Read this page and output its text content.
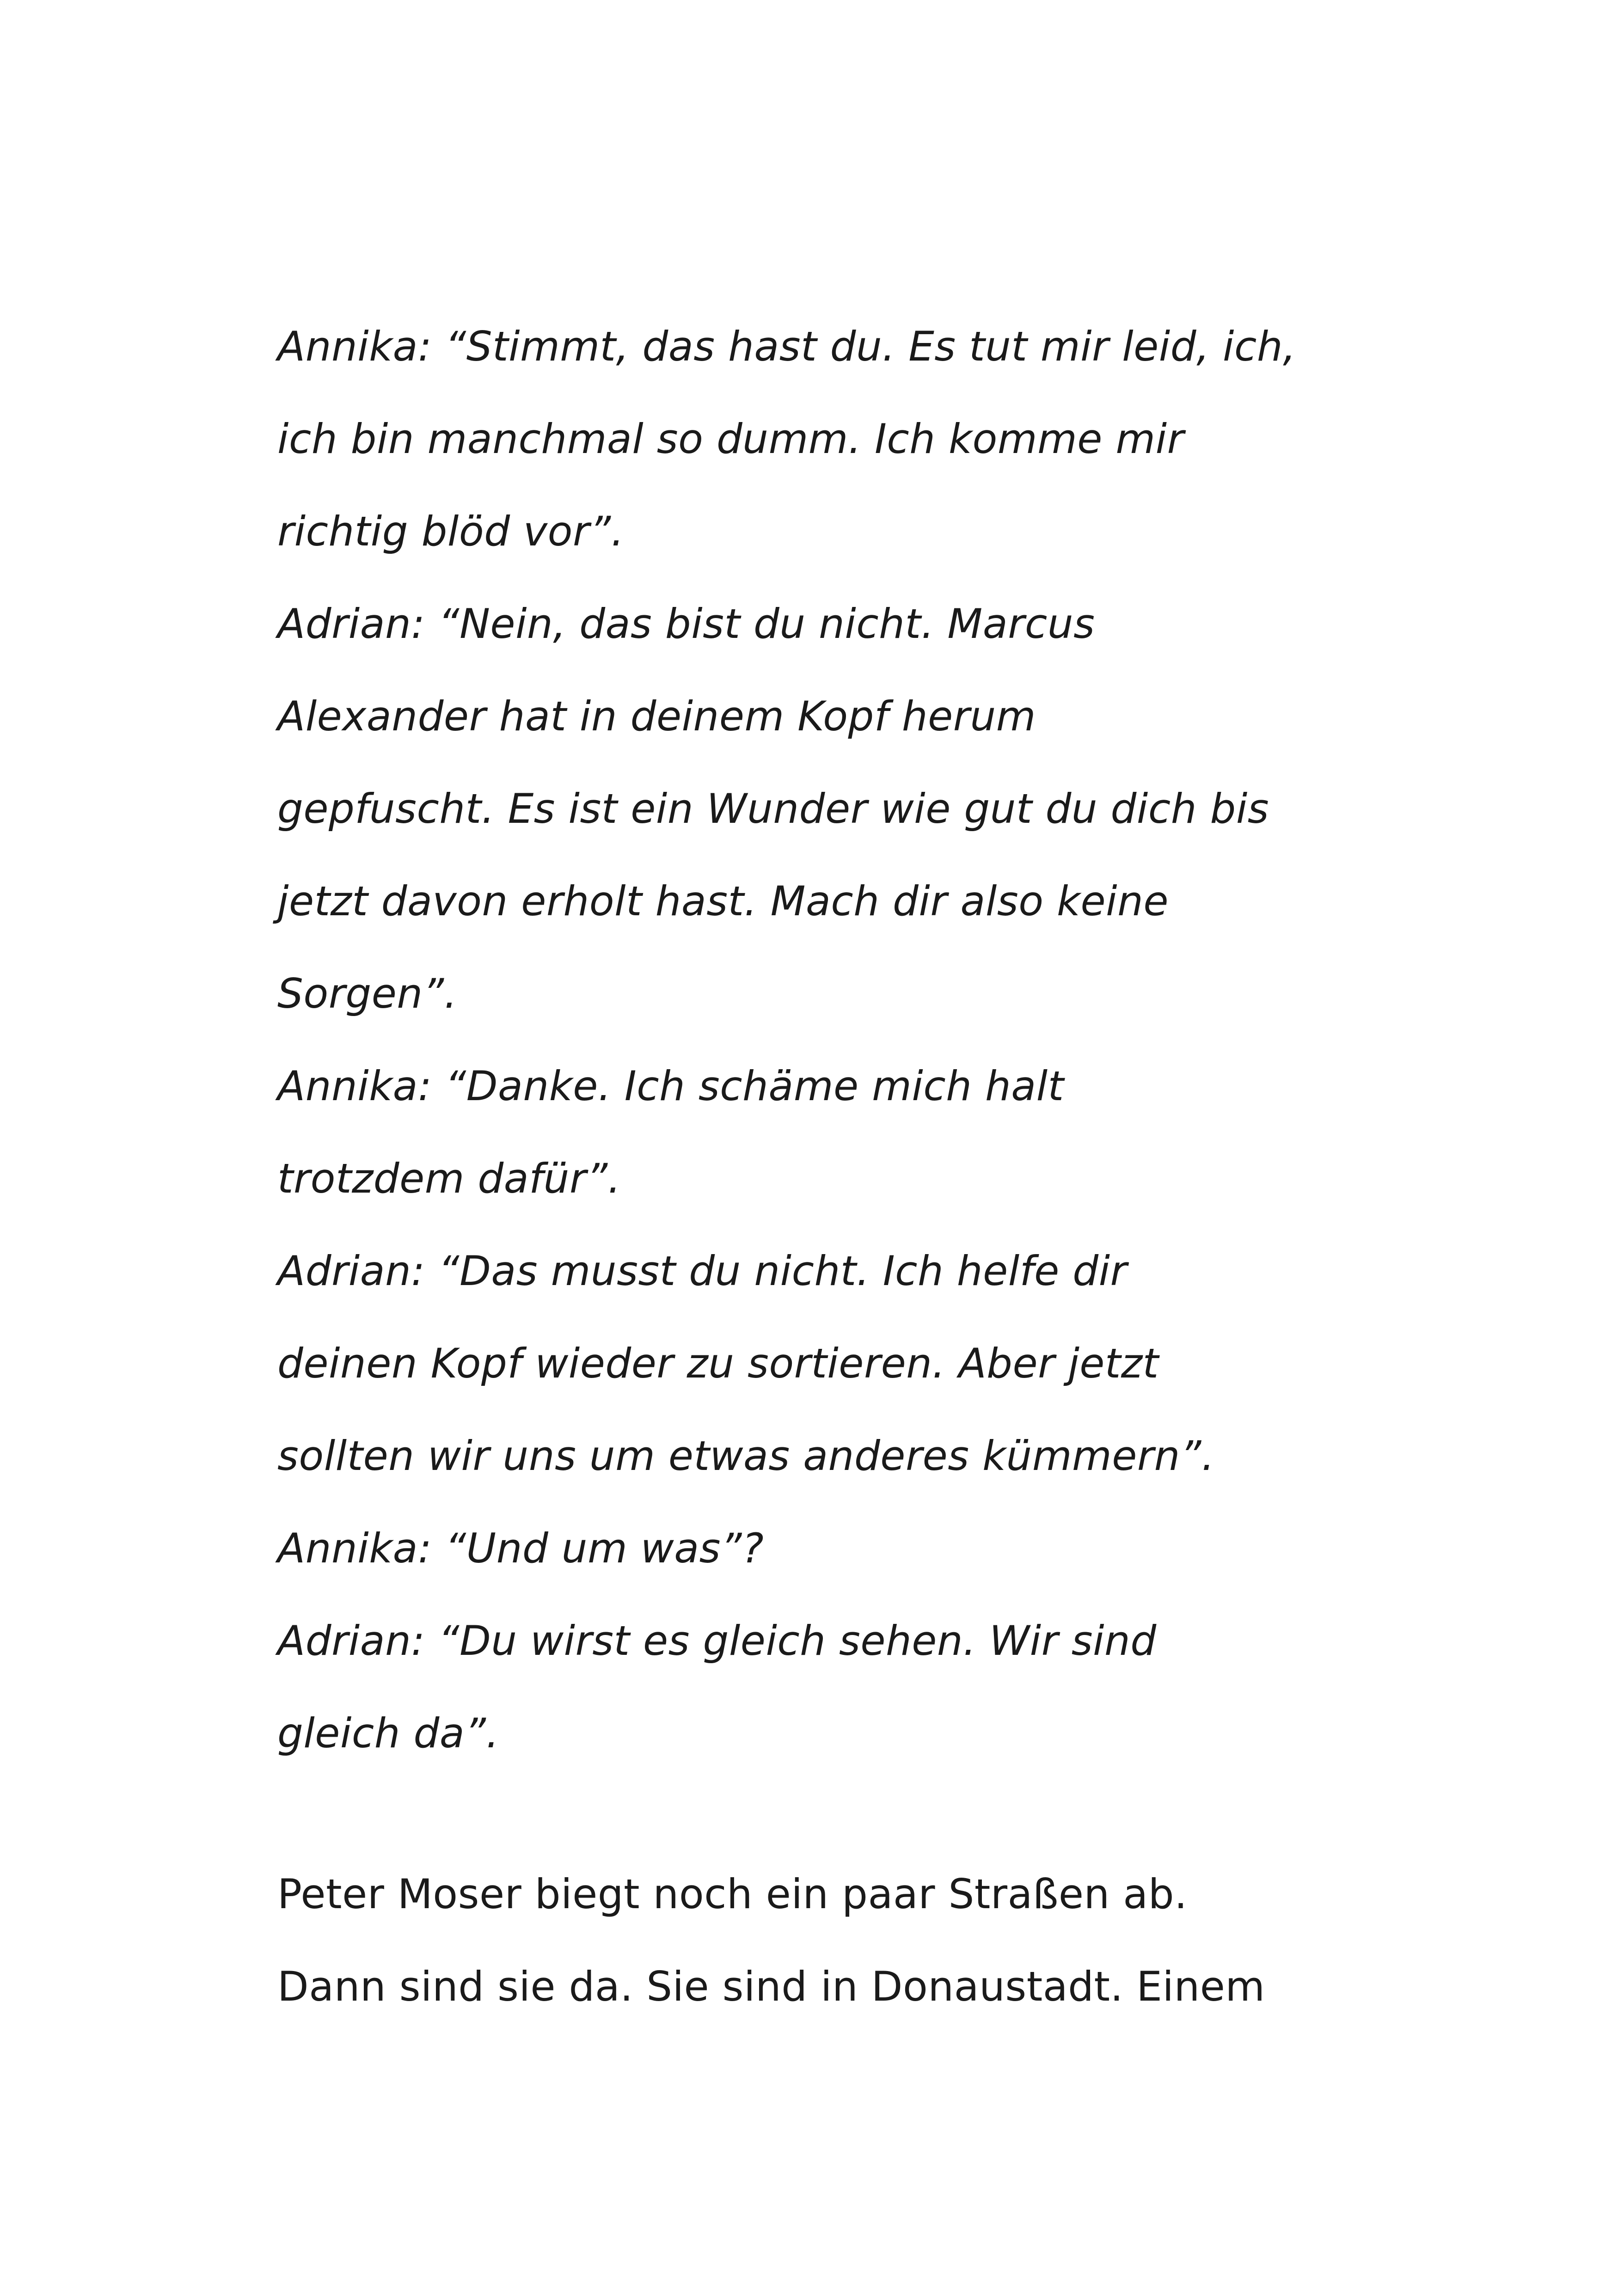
Annika: “Stimmt, das hast du. Es tut mir leid, ich,
ich bin manchmal so dumm. Ich komme mir
richtig blöd vor”.
Adrian: “Nein, das bist du nicht. Marcus
Alexander hat in deinem Kopf herum
gepfuscht. Es ist ein Wunder wie gut du dich bis
jetzt davon erholt hast. Mach dir also keine
Sorgen”.
Annika: “Danke. Ich schäme mich halt
trotzdem dafür”.
Adrian: “Das musst du nicht. Ich helfe dir
deinen Kopf wieder zu sortieren. Aber jetzt
sollten wir uns um etwas anderes kümmern”.
Annika: “Und um was”?
Adrian: “Du wirst es gleich sehen. Wir sind
gleich da”.
Peter Moser biegt noch ein paar Straßen ab.
Dann sind sie da. Sie sind in Donaustadt. Einem
